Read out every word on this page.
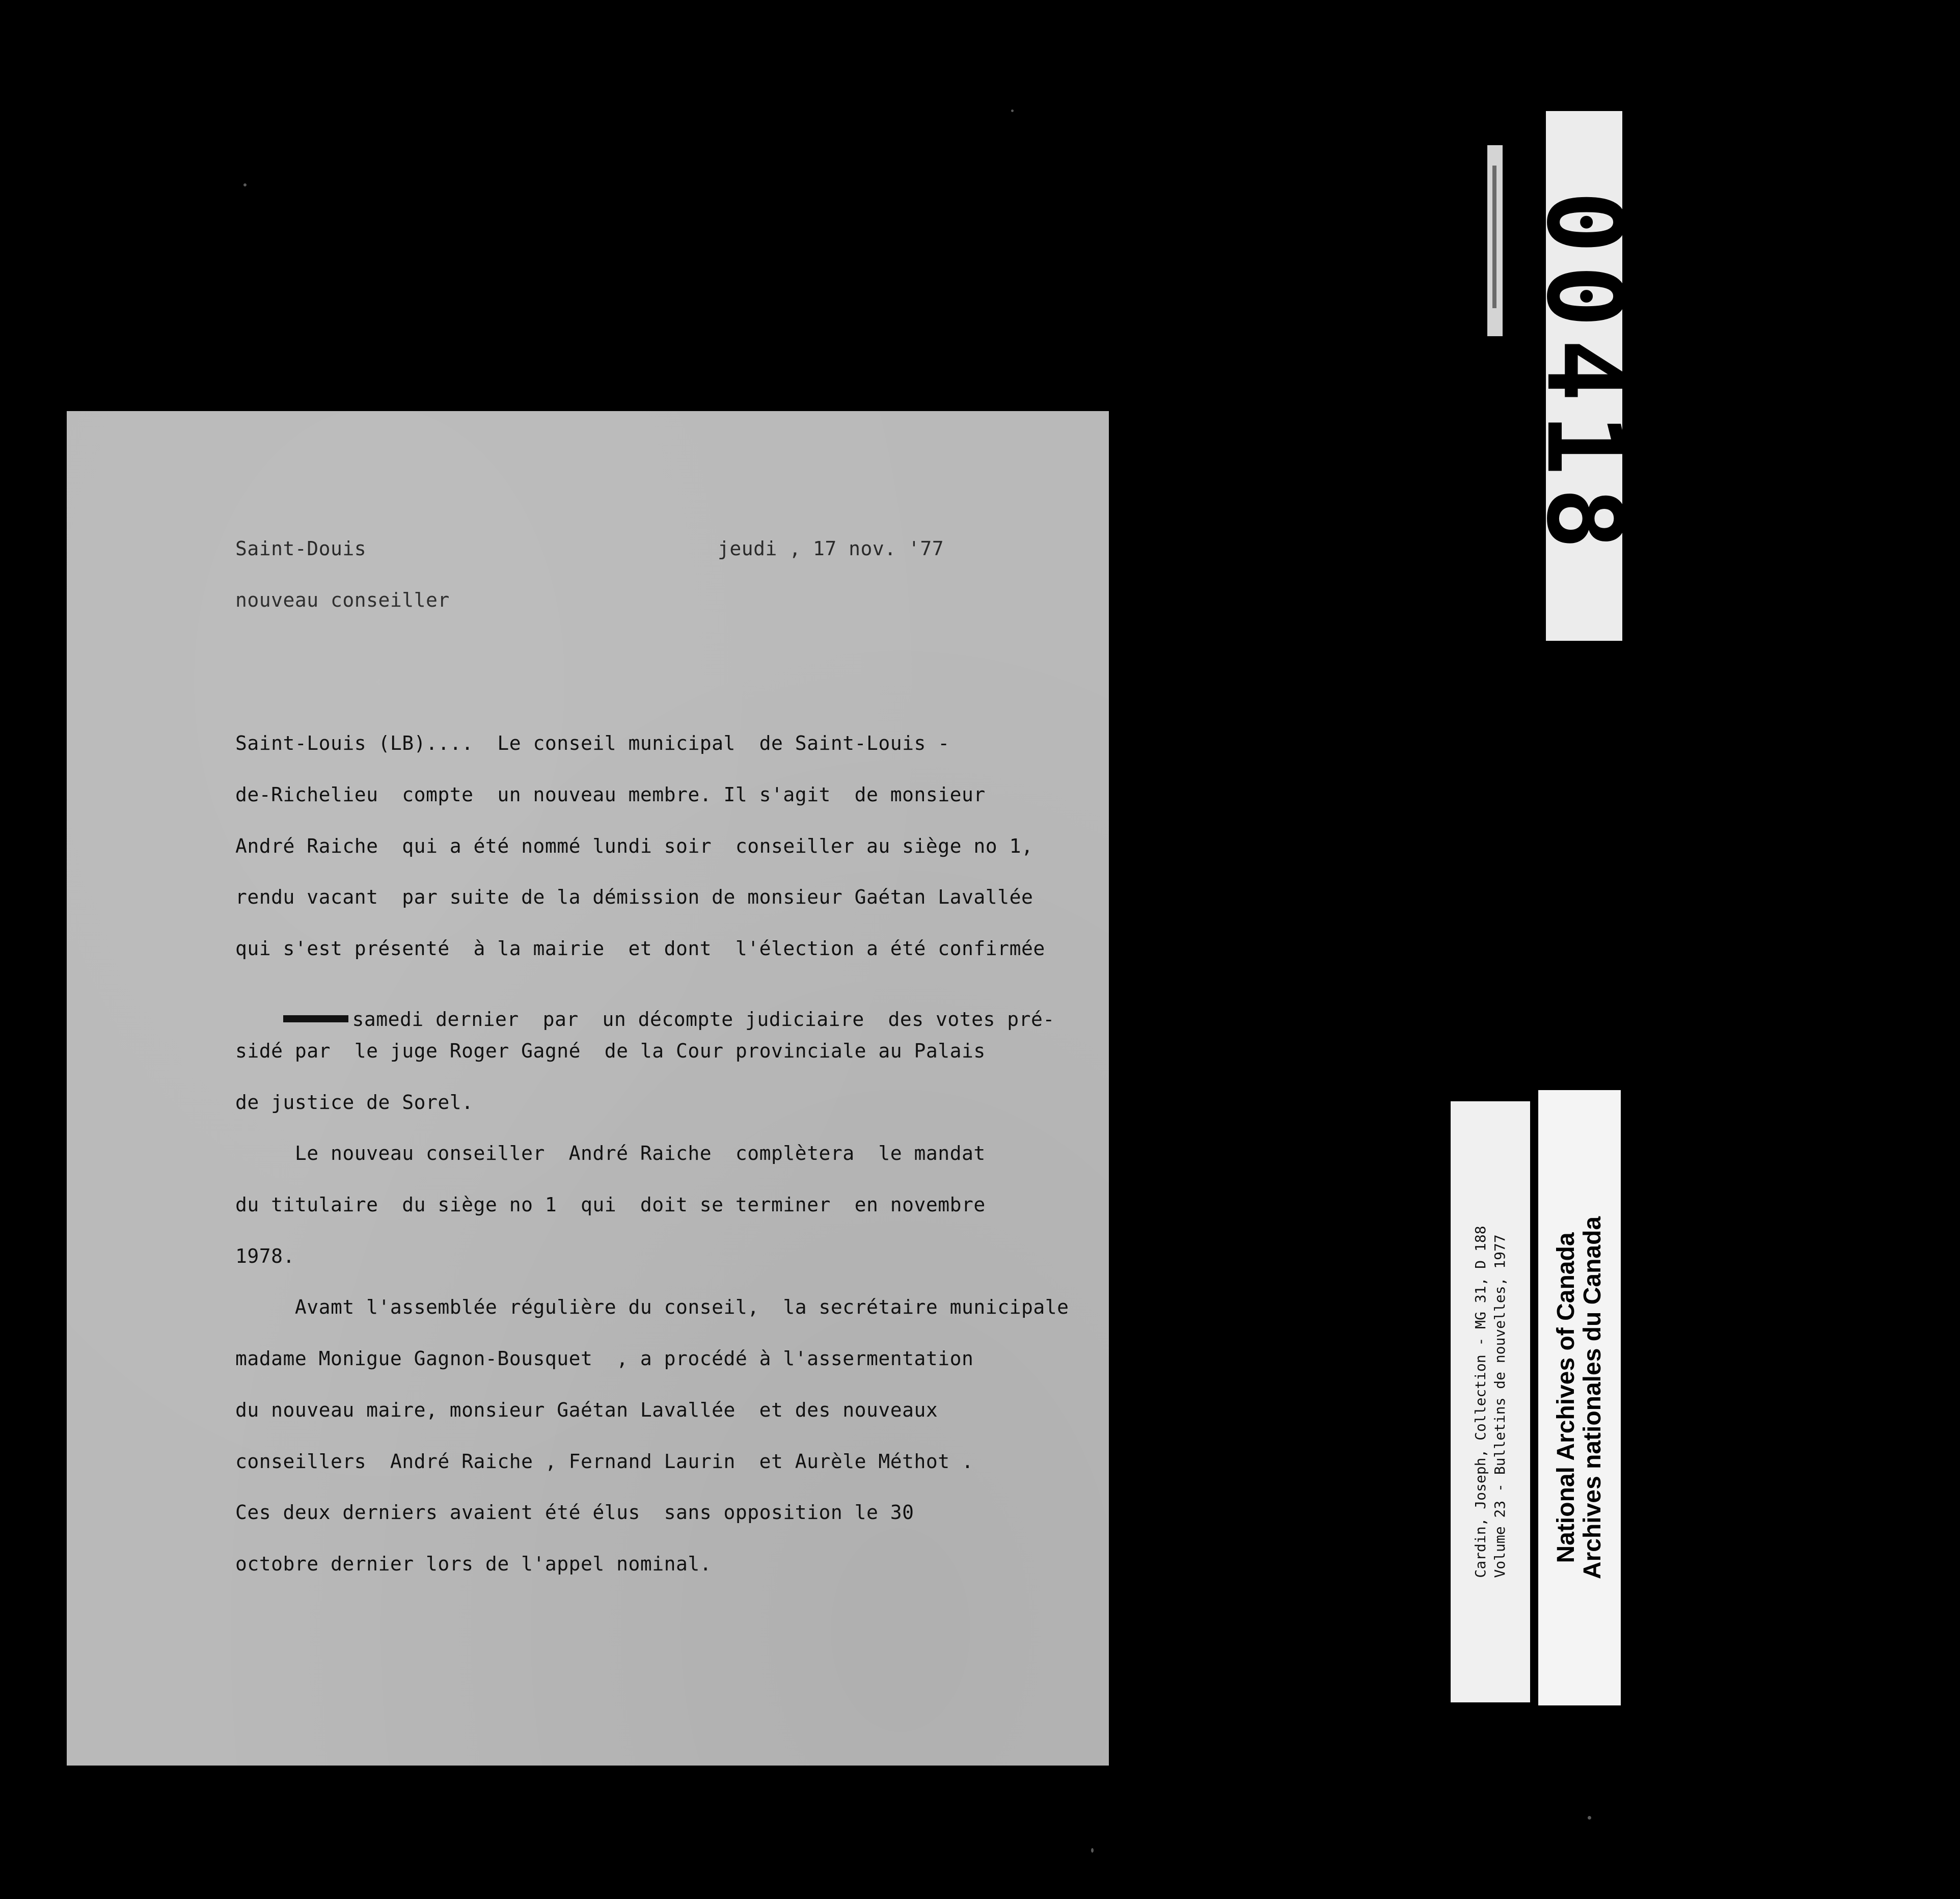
Saint-Douis	jeudi , 17 nov. '77

nouveau conseiller

Saint-Louis (LB)....  Le conseil municipal  de Saint-Louis -

de-Richelieu  compte  un nouveau membre. Il s'agit  de monsieur

André Raiche  qui a été nommé lundi soir  conseiller au siège no 1,

rendu vacant  par suite de la démission de monsieur Gaétan Lavallée

qui s'est présenté  à la mairie  et dont  l'élection a été confirmée

samedi dernier  par  un décompte judiciaire  des votes pré-

sidé par  le juge Roger Gagné  de la Cour provinciale au Palais

de justice de Sorel.

Le nouveau conseiller  André Raiche  complètera  le mandat

du titulaire  du siège no 1  qui  doit se terminer  en novembre

1978.

Avamt l'assemblée régulière du conseil,  la secrétaire municipale

madame Monigue Gagnon-Bousquet  , a procédé à l'assermentation

du nouveau maire, monsieur Gaétan Lavallée  et des nouveaux

conseillers  André Raiche , Fernand Laurin  et Aurèle Méthot .

Ces deux derniers avaient été élus  sans opposition le 30

octobre dernier lors de l'appel nominal.

00418
Cardin, Joseph, Collection - MG 31, D 188 Volume 23 - Bulletins de nouvelles, 1977 National Archives of Canada Archives nationales du Canada
